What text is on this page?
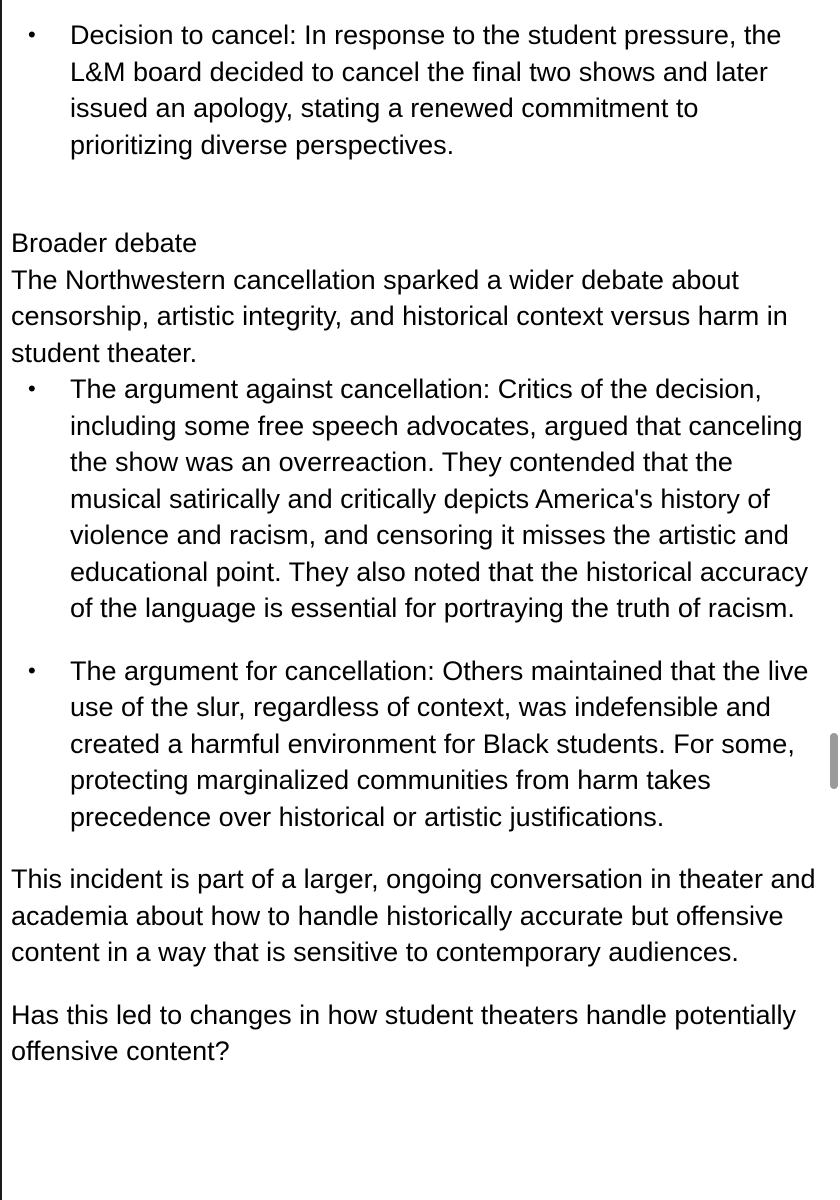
• Decision to cancel: In response to the student pressure, the L&M board decided to cancel the final two shows and later issued an apology, stating a renewed commitment to prioritizing diverse perspectives.

Broader debate

The Northwestern cancellation sparked a wider debate about censorship, artistic integrity, and historical context versus harm in student theater.

• The argument against cancellation: Critics of the decision, including some free speech advocates, argued that canceling the show was an overreaction. They contended that the musical satirically and critically depicts America's history of violence and racism, and censoring it misses the artistic and educational point. They also noted that the historical accuracy of the language is essential for portraying the truth of racism.
• The argument for cancellation: Others maintained that the live use of the slur, regardless of context, was indefensible and created a harmful environment for Black students. For some, protecting marginalized communities from harm takes precedence over historical or artistic justifications.

This incident is part of a larger, ongoing conversation in theater and academia about how to handle historically accurate but offensive content in a way that is sensitive to contemporary audiences.

Has this led to changes in how student theaters handle potentially offensive content?
